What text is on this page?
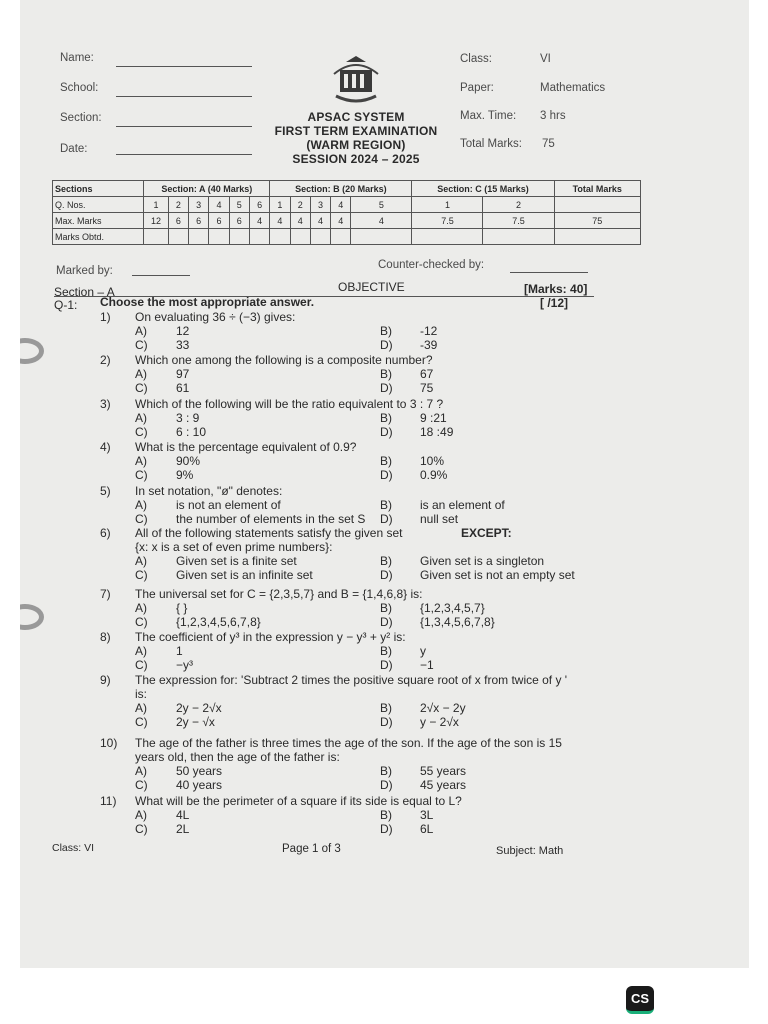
Name:
School:
Section:
Date:
APSAC SYSTEM
FIRST TERM EXAMINATION
(WARM REGION)
SESSION 2024 – 2025
Class:	VI
Paper:	Mathematics
Max. Time: 3 hrs
Total Marks: 75
Sections	Section: A (40 Marks)						Section: B (20 Marks)					Section: C (15 Marks)		Total Marks
Q. Nos.	1	2	3	4	5	6	1	2	3	4	5	1	2	
Max. Marks	12	6	6	6	6	4	4	4	4	4	4	7.5	7.5	75
Marks Obtd.														
Marked by:	Counter-checked by:
Section – A	OBJECTIVE	[Marks: 40]
Q-1: Choose the most appropriate answer.	[ /12]
1) On evaluating 36 ÷ (−3) gives:
A) 12	B) -12
C) 33	D) -39
2) Which one among the following is a composite number?
A) 97	B) 67
C) 61	D) 75
3) Which of the following will be the ratio equivalent to 3 : 7 ?
A) 3 : 9	B) 9 :21
C) 6 : 10	D) 18 :49
4) What is the percentage equivalent of 0.9?
A) 90%	B) 10%
C) 9%	D) 0.9%
5) In set notation, "ø" denotes:
A) is not an element of	B) is an element of
C) the number of elements in the set S D) null set
6) All of the following statements satisfy the given set	EXCEPT:
{x: x is a set of even prime numbers}:
A) Given set is a finite set	B) Given set is a singleton
C) Given set is an infinite set	D) Given set is not an empty set
7) The universal set for C = {2,3,5,7} and B = {1,4,6,8} is:
A) { }	B) {1,2,3,4,5,7}
C) {1,2,3,4,5,6,7,8}	D) {1,3,4,5,6,7,8}
8) The coefficient of y³ in the expression y − y³ + y² is:
A) 1	B) y
C) −y³	D) −1
9) The expression for: 'Subtract 2 times the positive square root of x from twice of y '
is:
A) 2y − 2√x	B) 2√x − 2y
C) 2y − √x	D) y − 2√x
10) The age of the father is three times the age of the son. If the age of the son is 15
years old, then the age of the father is:
A) 50 years	B) 55 years
C) 40 years	D) 45 years
11) What will be the perimeter of a square if its side is equal to L?
A) 4L	B) 3L
C) 2L	D) 6L
Class: VI	Page 1 of 3	Subject: Math
CS
